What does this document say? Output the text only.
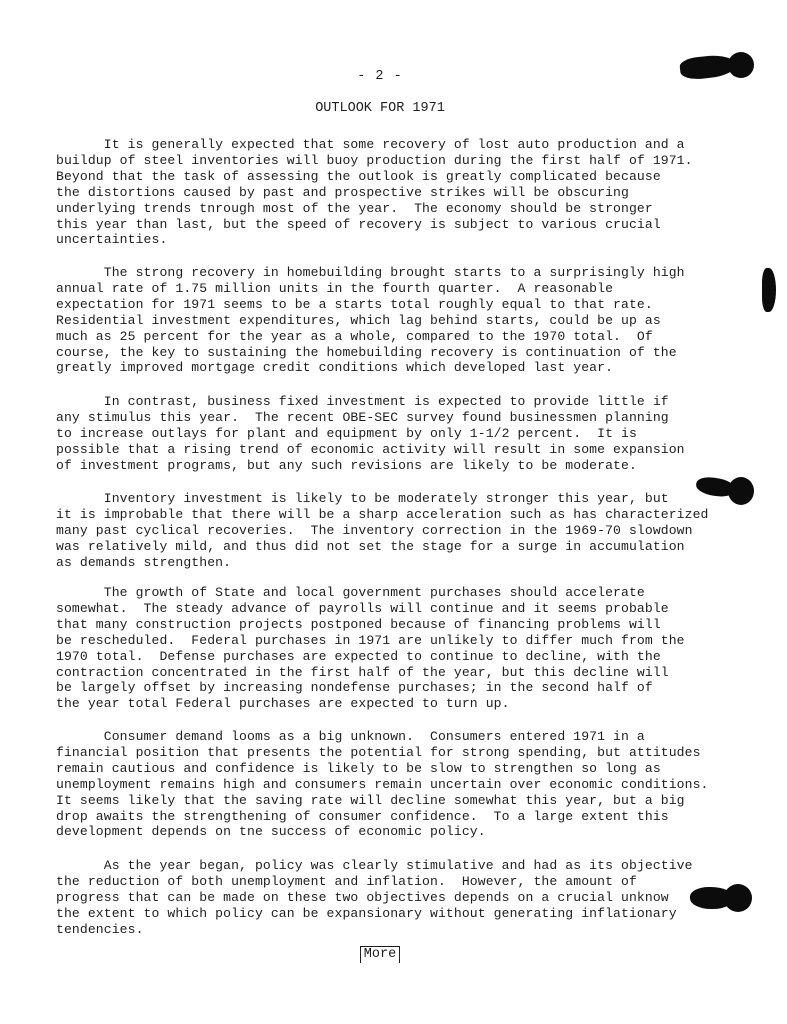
- 2 -
OUTLOOK FOR 1971

It is generally expected that some recovery of lost auto production and a
buildup of steel inventories will buoy production during the first half of 1971.
Beyond that the task of assessing the outlook is greatly complicated because
the distortions caused by past and prospective strikes will be obscuring
underlying trends tnrough most of the year.  The economy should be stronger
this year than last, but the speed of recovery is subject to various crucial
uncertainties.

The strong recovery in homebuilding brought starts to a surprisingly high
annual rate of 1.75 million units in the fourth quarter.  A reasonable
expectation for 1971 seems to be a starts total roughly equal to that rate.
Residential investment expenditures, which lag behind starts, could be up as
much as 25 percent for the year as a whole, compared to the 1970 total.  Of
course, the key to sustaining the homebuilding recovery is continuation of the
greatly improved mortgage credit conditions which developed last year.

In contrast, business fixed investment is expected to provide little if
any stimulus this year.  The recent OBE-SEC survey found businessmen planning
to increase outlays for plant and equipment by only 1-1/2 percent.  It is
possible that a rising trend of economic activity will result in some expansion
of investment programs, but any such revisions are likely to be moderate.

Inventory investment is likely to be moderately stronger this year, but
it is improbable that there will be a sharp acceleration such as has characterized
many past cyclical recoveries.  The inventory correction in the 1969-70 slowdown
was relatively mild, and thus did not set the stage for a surge in accumulation
as demands strengthen.

The growth of State and local government purchases should accelerate
somewhat.  The steady advance of payrolls will continue and it seems probable
that many construction projects postponed because of financing problems will
be rescheduled.  Federal purchases in 1971 are unlikely to differ much from the
1970 total.  Defense purchases are expected to continue to decline, with the
contraction concentrated in the first half of the year, but this decline will
be largely offset by increasing nondefense purchases; in the second half of
the year total Federal purchases are expected to turn up.

Consumer demand looms as a big unknown.  Consumers entered 1971 in a
financial position that presents the potential for strong spending, but attitudes
remain cautious and confidence is likely to be slow to strengthen so long as
unemployment remains high and consumers remain uncertain over economic conditions.
It seems likely that the saving rate will decline somewhat this year, but a big
drop awaits the strengthening of consumer confidence.  To a large extent this
development depends on tne success of economic policy.

As the year began, policy was clearly stimulative and had as its objective
the reduction of both unemployment and inflation.  However, the amount of
progress that can be made on these two objectives depends on a crucial unknow
the extent to which policy can be expansionary without generating inflationary
tendencies.

More
